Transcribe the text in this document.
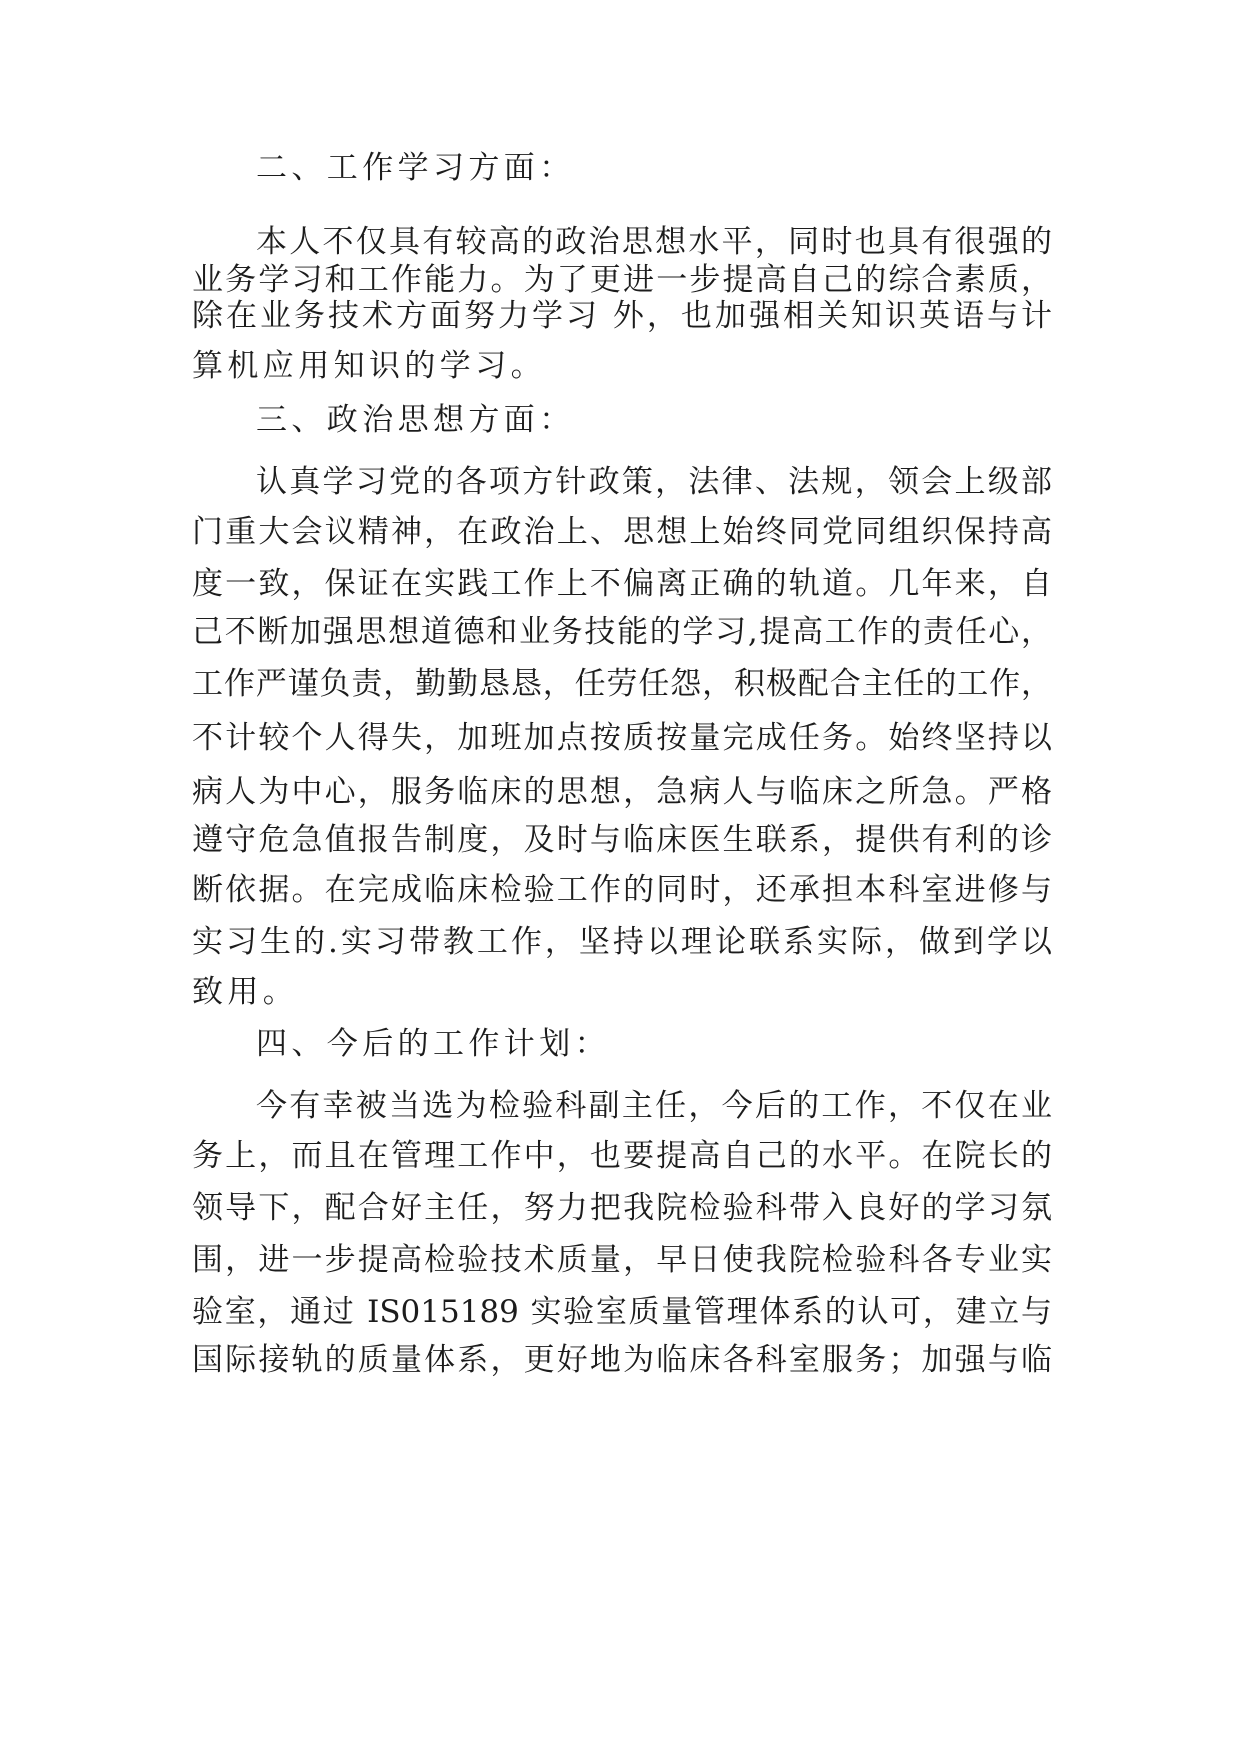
二、工作学习方面：
本人不仅具有较高的政治思想水平，同时也具有很强的
业务学习和工作能力。为了更进一步提高自己的综合素质，
除在业务技术方面努力学习 外，也加强相关知识英语与计
算机应用知识的学习。
三、政治思想方面：
认真学习党的各项方针政策，法律、法规，领会上级部
门重大会议精神，在政治上、思想上始终同党同组织保持高
度一致，保证在实践工作上不偏离正确的轨道。几年来，自
己不断加强思想道德和业务技能的学习,提高工作的责任心，
工作严谨负责，勤勤恳恳，任劳任怨，积极配合主任的工作，
不计较个人得失，加班加点按质按量完成任务。始终坚持以
病人为中心，服务临床的思想，急病人与临床之所急。严格
遵守危急值报告制度，及时与临床医生联系，提供有利的诊
断依据。在完成临床检验工作的同时，还承担本科室进修与
实习生的.实习带教工作，坚持以理论联系实际，做到学以
致用。
四、今后的工作计划：
今有幸被当选为检验科副主任，今后的工作，不仅在业
务上，而且在管理工作中，也要提高自己的水平。在院长的
领导下，配合好主任，努力把我院检验科带入良好的学习氛
围，进一步提高检验技术质量，早日使我院检验科各专业实
验室，通过 IS015189 实验室质量管理体系的认可，建立与
国际接轨的质量体系，更好地为临床各科室服务；加强与临
